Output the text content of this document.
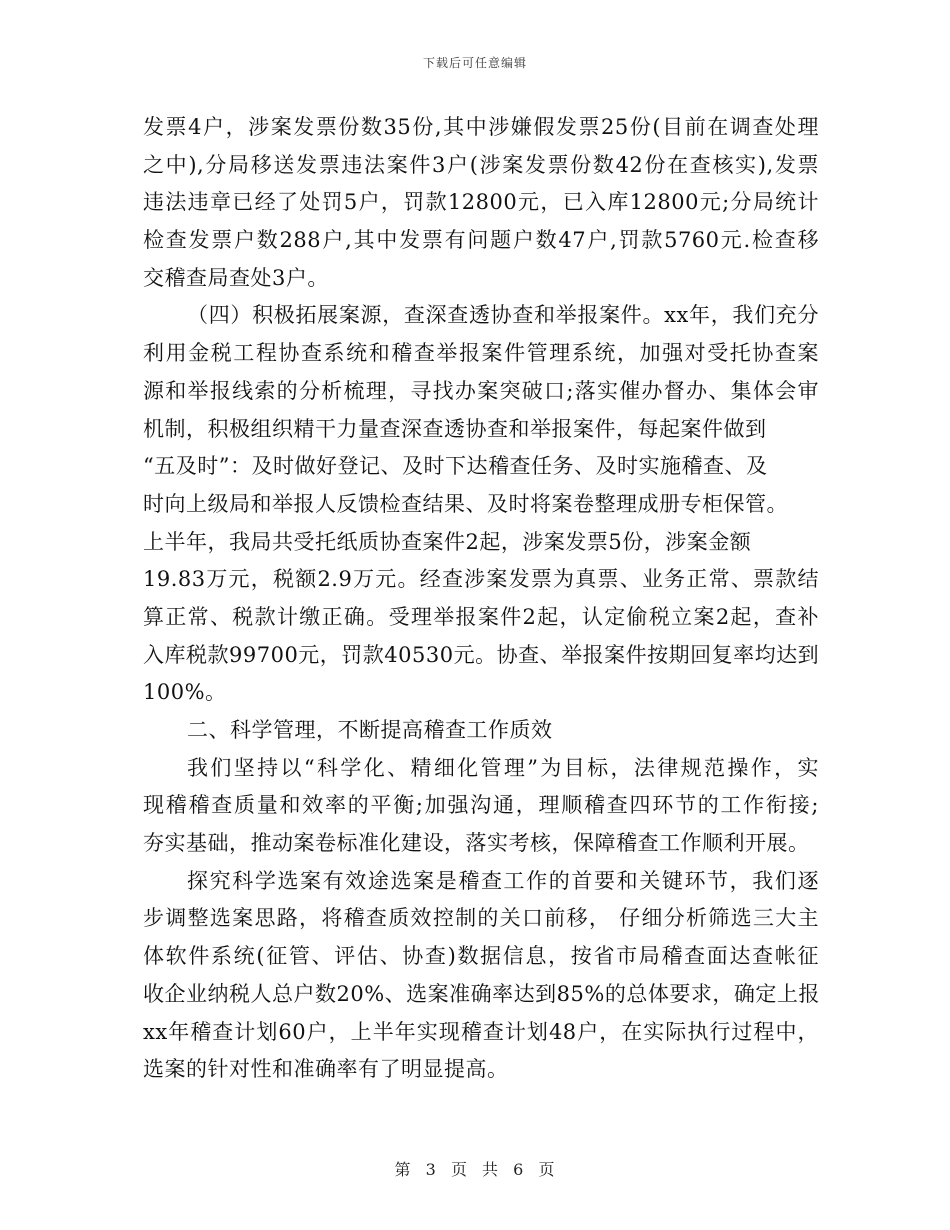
下载后可任意编辑
发票4户，涉案发票份数35份,其中涉嫌假发票25份(目前在调查处理
之中),分局移送发票违法案件3户(涉案发票份数42份在查核实),发票
违法违章已经了处罚5户，罚款12800元，已入库12800元;分局统计
检查发票户数288户,其中发票有问题户数47户,罚款5760元.检查移
交稽查局查处3户。
（四）积极拓展案源，查深查透协查和举报案件。xx年，我们充分
利用金税工程协查系统和稽查举报案件管理系统，加强对受托协查案
源和举报线索的分析梳理，寻找办案突破口;落实催办督办、集体会审
机制，积极组织精干力量查深查透协查和举报案件，每起案件做到
“五及时”：及时做好登记、及时下达稽查任务、及时实施稽查、及
时向上级局和举报人反馈检查结果、及时将案卷整理成册专柜保管。
上半年，我局共受托纸质协查案件2起，涉案发票5份，涉案金额
19.83万元，税额2.9万元。经查涉案发票为真票、业务正常、票款结
算正常、税款计缴正确。受理举报案件2起，认定偷税立案2起，查补
入库税款99700元，罚款40530元。协查、举报案件按期回复率均达到
100%。
二、科学管理，不断提高稽查工作质效
我们坚持以“科学化、精细化管理”为目标，法律规范操作，实
现稽稽查质量和效率的平衡;加强沟通，理顺稽查四环节的工作衔接;
夯实基础，推动案卷标准化建设，落实考核，保障稽查工作顺利开展。
探究科学选案有效途选案是稽查工作的首要和关键环节，我们逐
步调整选案思路，将稽查质效控制的关口前移， 仔细分析筛选三大主
体软件系统(征管、评估、协查)数据信息，按省市局稽查面达查帐征
收企业纳税人总户数20%、选案准确率达到85%的总体要求，确定上报
xx年稽查计划60户，上半年实现稽查计划48户，在实际执行过程中，
选案的针对性和准确率有了明显提高。
第 3 页 共 6 页
